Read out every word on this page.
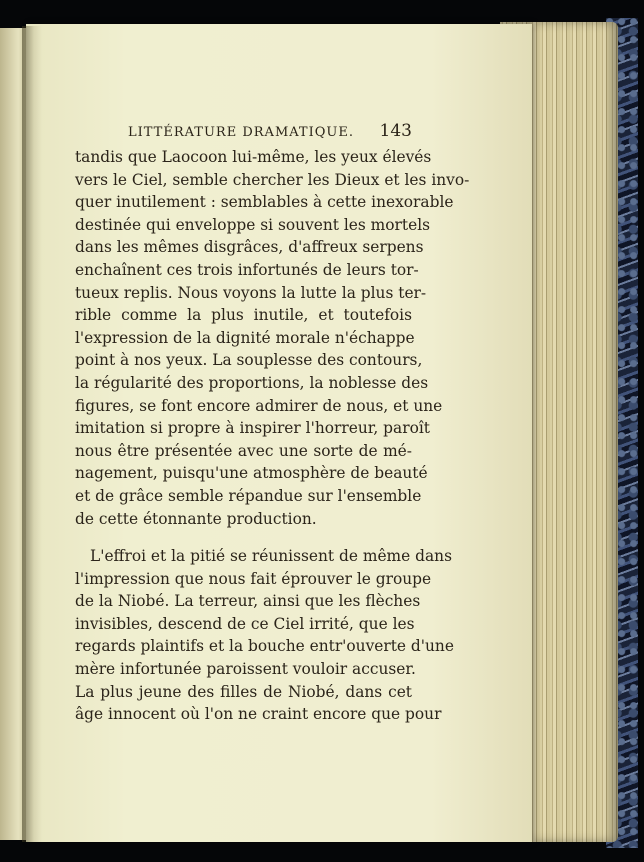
LITTÉRATURE DRAMATIQUE. 143
tandis que Laocoon lui-même, les yeux élevés
vers le Ciel, semble chercher les Dieux et les invo-
quer inutilement : semblables à cette inexorable
destinée qui enveloppe si souvent les mortels
dans les mêmes disgrâces, d'affreux serpens
enchaînent ces trois infortunés de leurs tor-
tueux replis. Nous voyons la lutte la plus ter-
rible comme la plus inutile, et toutefois
l'expression de la dignité morale n'échappe
point à nos yeux. La souplesse des contours,
la régularité des proportions, la noblesse des
figures, se font encore admirer de nous, et une
imitation si propre à inspirer l'horreur, paroît
nous être présentée avec une sorte de mé-
nagement, puisqu'une atmosphère de beauté
et de grâce semble répandue sur l'ensemble
de cette étonnante production.
L'effroi et la pitié se réunissent de même dans
l'impression que nous fait éprouver le groupe
de la Niobé. La terreur, ainsi que les flèches
invisibles, descend de ce Ciel irrité, que les
regards plaintifs et la bouche entr'ouverte d'une
mère infortunée paroissent vouloir accuser.
La plus jeune des filles de Niobé, dans cet
âge innocent où l'on ne craint encore que pour
